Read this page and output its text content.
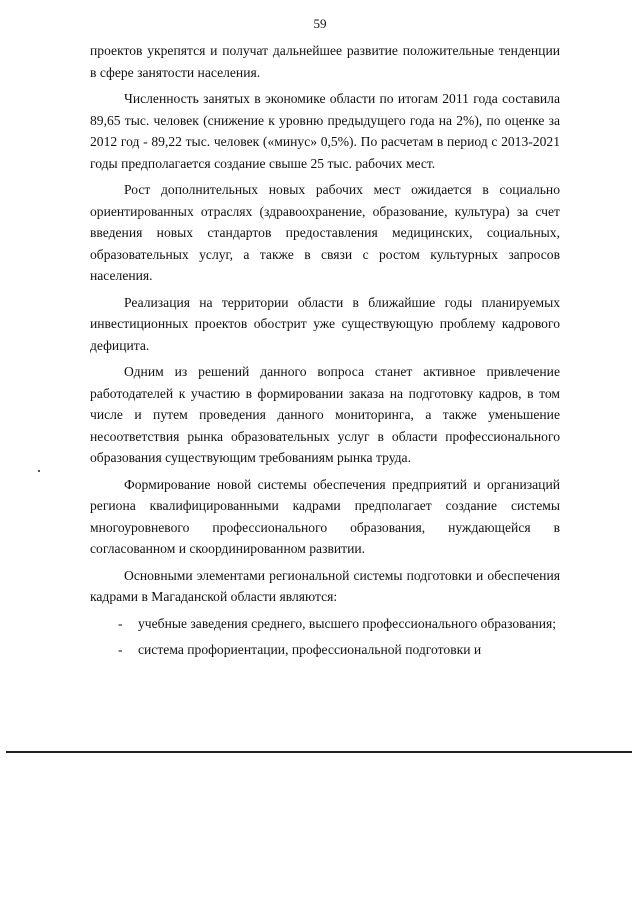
59

проектов укрепятся и получат дальнейшее развитие положительные тенденции в сфере занятости населения.

Численность занятых в экономике области по итогам 2011 года составила 89,65 тыс. человек (снижение к уровню предыдущего года на 2%), по оценке за 2012 год - 89,22 тыс. человек («минус» 0,5%). По расчетам в период с 2013-2021 годы предполагается создание свыше 25 тыс. рабочих мест.

Рост дополнительных новых рабочих мест ожидается в социально ориентированных отраслях (здравоохранение, образование, культура) за счет введения новых стандартов предоставления медицинских, социальных, образовательных услуг, а также в связи с ростом культурных запросов населения.

Реализация на территории области в ближайшие годы планируемых инвестиционных проектов обострит уже существующую проблему кадрового дефицита.

Одним из решений данного вопроса станет активное привлечение работодателей к участию в формировании заказа на подготовку кадров, в том числе и путем проведения данного мониторинга, а также уменьшение несоответствия рынка образовательных услуг в области профессионального образования существующим требованиям рынка труда.

Формирование новой системы обеспечения предприятий и организаций региона квалифицированными кадрами предполагает создание системы многоуровневого профессионального образования, нуждающейся в согласованном и скоординированном развитии.

Основными элементами региональной системы подготовки и обеспечения кадрами в Магаданской области являются:

- учебные заведения среднего, высшего профессионального образования;

- система профориентации, профессиональной подготовки и
